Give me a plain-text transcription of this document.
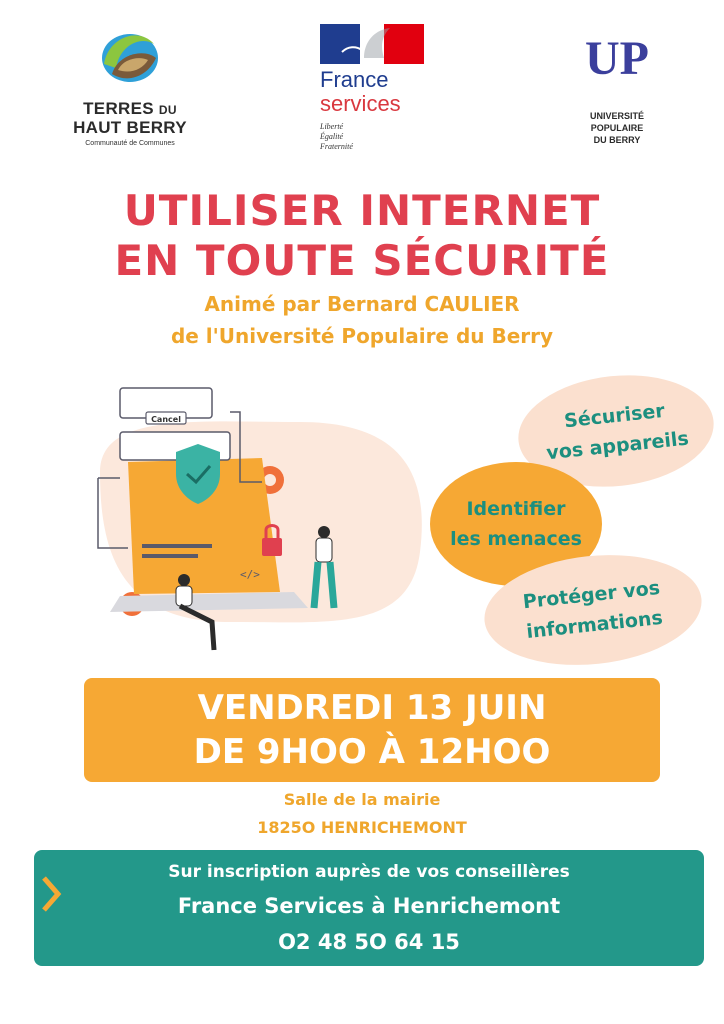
TERRES DU
HAUT BERRY
Communauté de Communes
France
services
Liberté
Égalité
Fraternité
UP
UNIVERSITÉ
POPULAIRE
DU BERRY
UTILISER INTERNET
EN TOUTE SÉCURITÉ
Animé par Bernard CAULIER
de l'Université Populaire du Berry
Cancel
</>
Sécuriser
vos appareils
Identifier
les menaces
Protéger vos
informations
VENDREDI 13 JUIN
DE 9HOO À 12HOO
Salle de la mairie
1825O HENRICHEMONT
Sur inscription auprès de vos conseillères
France Services à Henrichemont
O2 48 5O 64 15
